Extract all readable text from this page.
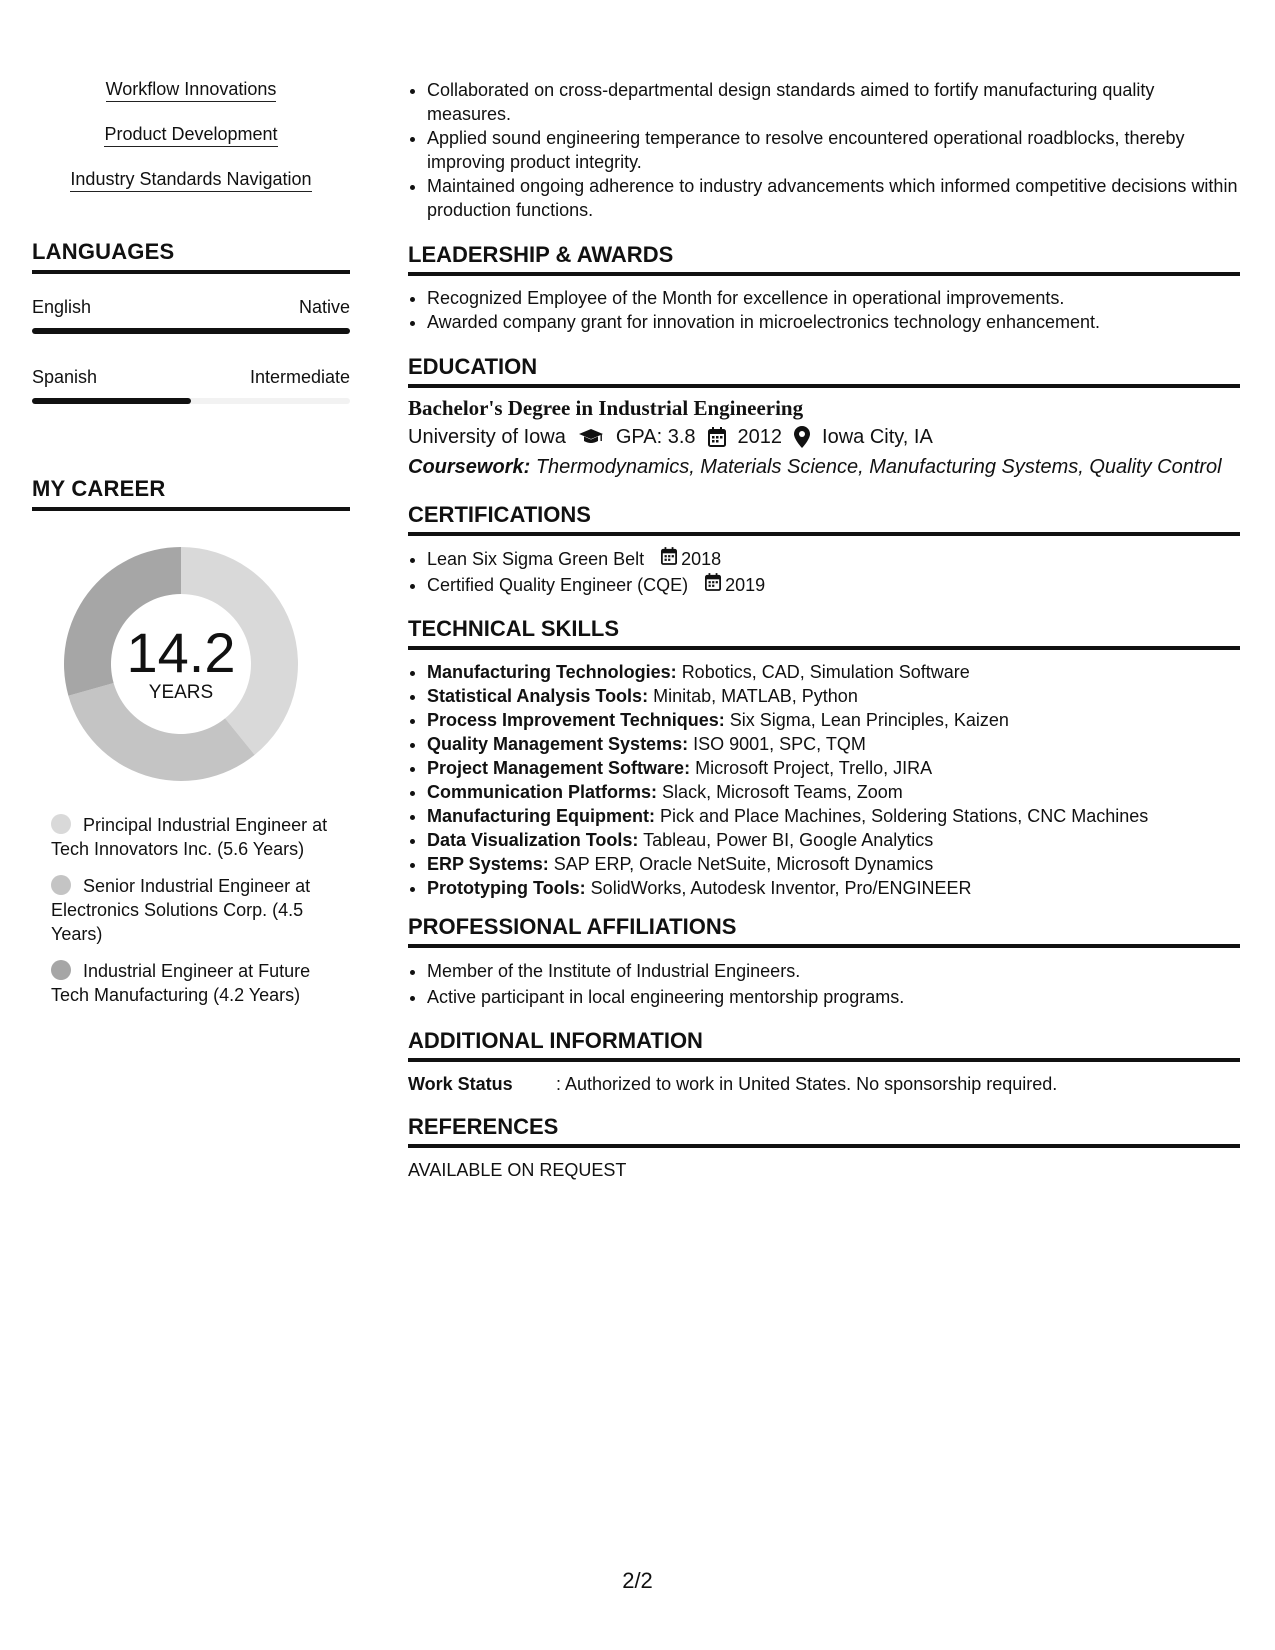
Workflow Innovations
Product Development
Industry Standards Navigation
LANGUAGES
English	Native
Spanish	Intermediate
MY CAREER
14.2
YEARS
Principal Industrial Engineer at Tech Innovators Inc. (5.6 Years)
Senior Industrial Engineer at Electronics Solutions Corp. (4.5 Years)
Industrial Engineer at Future Tech Manufacturing (4.2 Years)
• Collaborated on cross-departmental design standards aimed to fortify manufacturing quality measures.
• Applied sound engineering temperance to resolve encountered operational roadblocks, thereby improving product integrity.
• Maintained ongoing adherence to industry advancements which informed competitive decisions within production functions.
LEADERSHIP & AWARDS
• Recognized Employee of the Month for excellence in operational improvements.
• Awarded company grant for innovation in microelectronics technology enhancement.
EDUCATION
Bachelor's Degree in Industrial Engineering
University of Iowa	GPA: 3.8 2012 Iowa City, IA
Coursework: Thermodynamics, Materials Science, Manufacturing Systems, Quality Control
CERTIFICATIONS
• Lean Six Sigma Green Belt 2018
• Certified Quality Engineer (CQE) 2019
TECHNICAL SKILLS
• Manufacturing Technologies: Robotics, CAD, Simulation Software
• Statistical Analysis Tools: Minitab, MATLAB, Python
• Process Improvement Techniques: Six Sigma, Lean Principles, Kaizen
• Quality Management Systems: ISO 9001, SPC, TQM
• Project Management Software: Microsoft Project, Trello, JIRA
• Communication Platforms: Slack, Microsoft Teams, Zoom
• Manufacturing Equipment: Pick and Place Machines, Soldering Stations, CNC Machines
• Data Visualization Tools: Tableau, Power BI, Google Analytics
• ERP Systems: SAP ERP, Oracle NetSuite, Microsoft Dynamics
• Prototyping Tools: SolidWorks, Autodesk Inventor, Pro/ENGINEER
PROFESSIONAL AFFILIATIONS
• Member of the Institute of Industrial Engineers.
• Active participant in local engineering mentorship programs.
ADDITIONAL INFORMATION
Work Status	: Authorized to work in United States. No sponsorship required.
REFERENCES
AVAILABLE ON REQUEST
2/2
